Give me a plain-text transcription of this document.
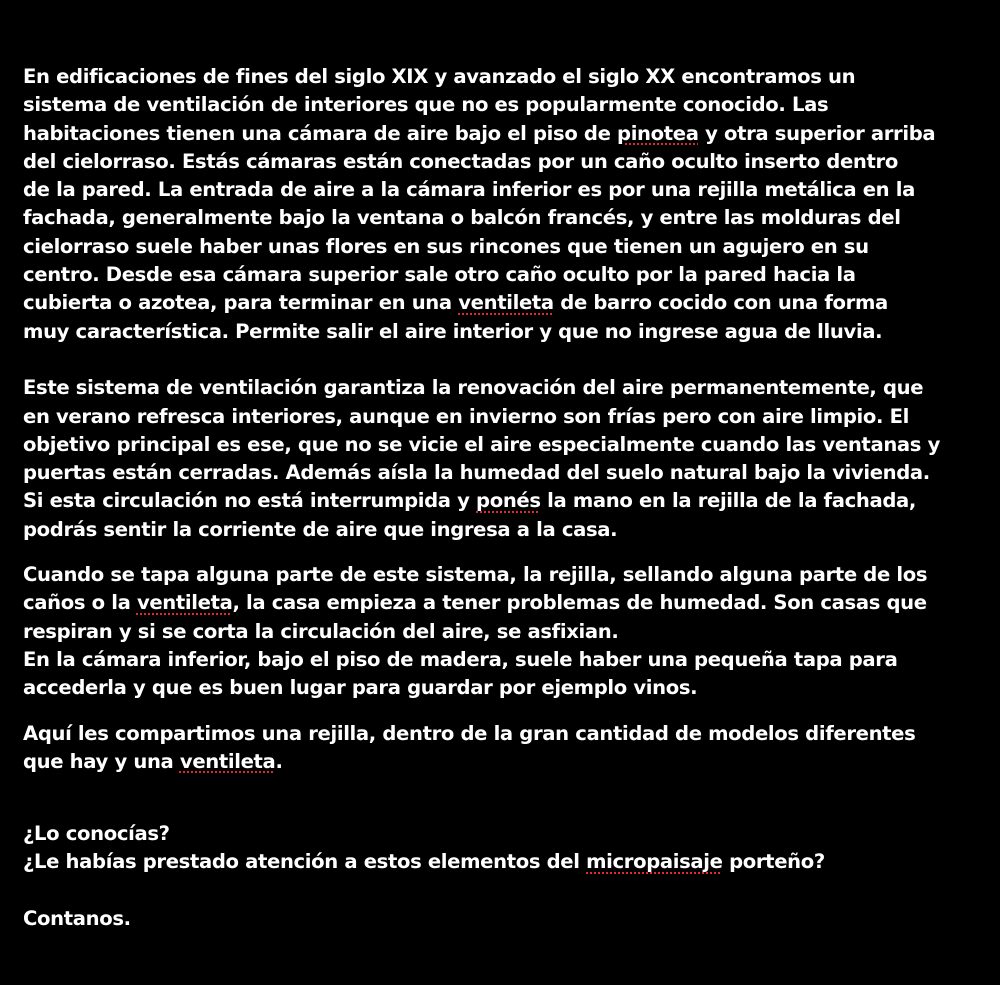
En edificaciones de fines del siglo XIX y avanzado el siglo XX encontramos un
sistema de ventilación de interiores que no es popularmente conocido. Las
habitaciones tienen una cámara de aire bajo el piso de pinotea y otra superior arriba
del cielorraso. Estás cámaras están conectadas por un caño oculto inserto dentro
de la pared. La entrada de aire a la cámara inferior es por una rejilla metálica en la
fachada, generalmente bajo la ventana o balcón francés, y entre las molduras del
cielorraso suele haber unas flores en sus rincones que tienen un agujero en su
centro. Desde esa cámara superior sale otro caño oculto por la pared hacia la
cubierta o azotea, para terminar en una ventileta de barro cocido con una forma
muy característica. Permite salir el aire interior y que no ingrese agua de lluvia.
Este sistema de ventilación garantiza la renovación del aire permanentemente, que
en verano refresca interiores, aunque en invierno son frías pero con aire limpio. El
objetivo principal es ese, que no se vicie el aire especialmente cuando las ventanas y
puertas están cerradas. Además aísla la humedad del suelo natural bajo la vivienda.
Si esta circulación no está interrumpida y ponés la mano en la rejilla de la fachada,
podrás sentir la corriente de aire que ingresa a la casa.
Cuando se tapa alguna parte de este sistema, la rejilla, sellando alguna parte de los
caños o la ventileta, la casa empieza a tener problemas de humedad. Son casas que
respiran y si se corta la circulación del aire, se asfixian.
En la cámara inferior, bajo el piso de madera, suele haber una pequeña tapa para
accederla y que es buen lugar para guardar por ejemplo vinos.
Aquí les compartimos una rejilla, dentro de la gran cantidad de modelos diferentes
que hay y una ventileta.
¿Lo conocías?
¿Le habías prestado atención a estos elementos del micropaisaje porteño?
Contanos.
